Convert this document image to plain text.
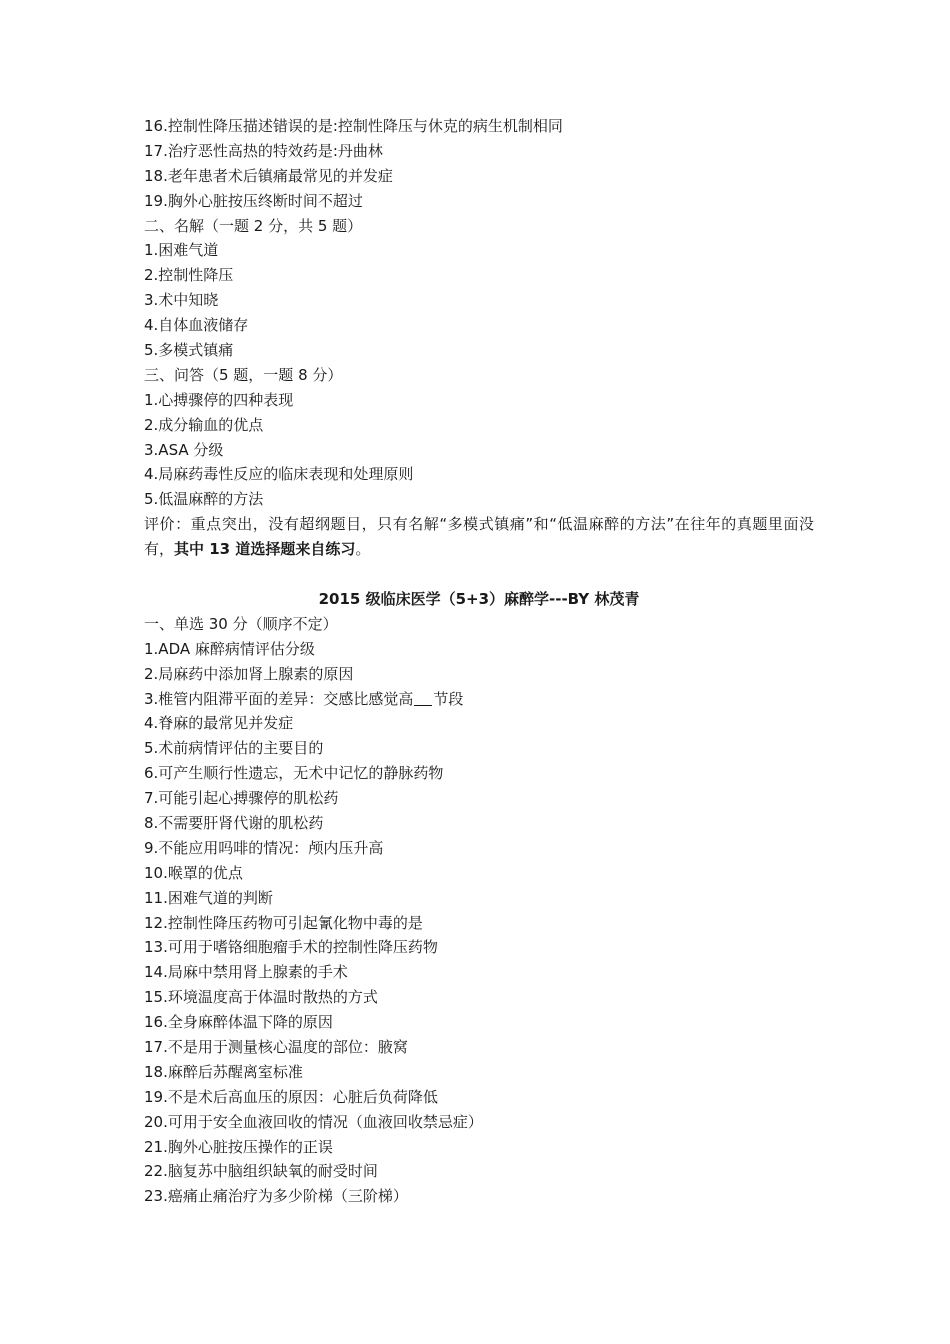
16.控制性降压描述错误的是:控制性降压与休克的病生机制相同
17.治疗恶性高热的特效药是:丹曲林
18.老年患者术后镇痛最常见的并发症
19.胸外心脏按压终断时间不超过
二、名解（一题 2 分，共 5 题）
1.困难气道
2.控制性降压
3.术中知晓
4.自体血液储存
5.多模式镇痛
三、问答（5 题，一题 8 分）
1.心搏骤停的四种表现
2.成分输血的优点
3.ASA 分级
4.局麻药毒性反应的临床表现和处理原则
5.低温麻醉的方法
评价：重点突出，没有超纲题目，只有名解“多模式镇痛”和“低温麻醉的方法”在往年的真题里面没有，其中 13 道选择题来自练习。
2015 级临床医学（5+3）麻醉学---BY 林茂青
一、单选 30 分（顺序不定）
1.ADA 麻醉病情评估分级
2.局麻药中添加肾上腺素的原因
3.椎管内阻滞平面的差异：交感比感觉高 节段
4.脊麻的最常见并发症
5.术前病情评估的主要目的
6.可产生顺行性遗忘，无术中记忆的静脉药物
7.可能引起心搏骤停的肌松药
8.不需要肝肾代谢的肌松药
9.不能应用吗啡的情况：颅内压升高
10.喉罩的优点
11.困难气道的判断
12.控制性降压药物可引起氰化物中毒的是
13.可用于嗜铬细胞瘤手术的控制性降压药物
14.局麻中禁用肾上腺素的手术
15.环境温度高于体温时散热的方式
16.全身麻醉体温下降的原因
17.不是用于测量核心温度的部位：腋窝
18.麻醉后苏醒离室标准
19.不是术后高血压的原因：心脏后负荷降低
20.可用于安全血液回收的情况（血液回收禁忌症）
21.胸外心脏按压操作的正误
22.脑复苏中脑组织缺氧的耐受时间
23.癌痛止痛治疗为多少阶梯（三阶梯）
